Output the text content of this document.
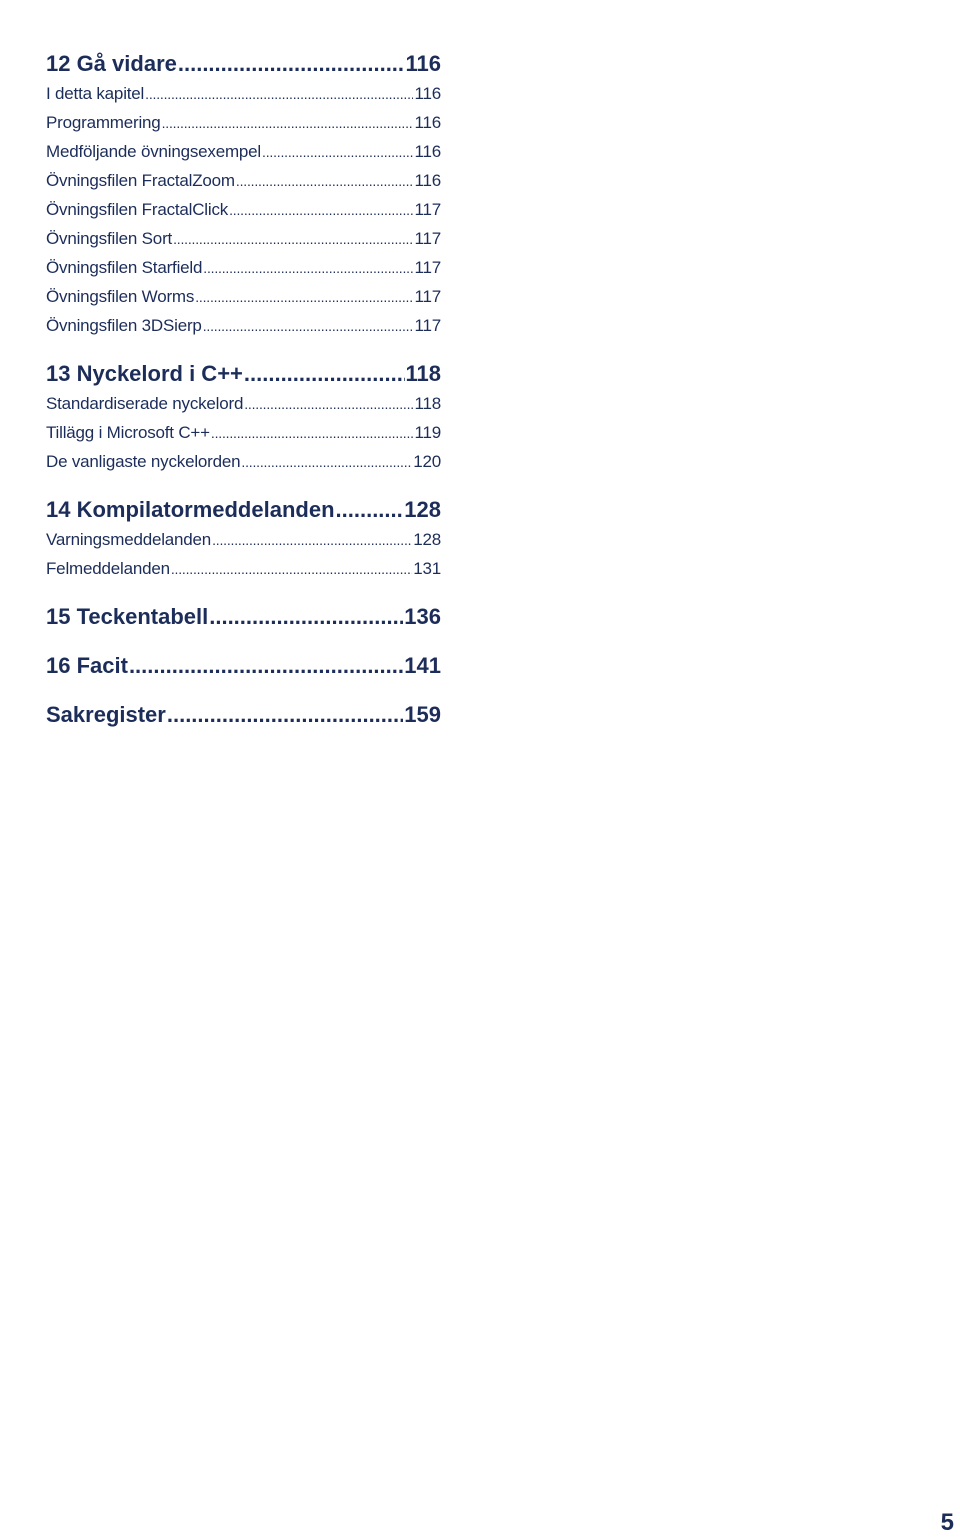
12 Gå vidare .....	116
I detta kapitel .....	116
Programmering .....	116
Medföljande övningsexempel .....	116
Övningsfilen FractalZoom .....	116
Övningsfilen FractalClick .....	117
Övningsfilen Sort .....	117
Övningsfilen Starfield .....	117
Övningsfilen Worms .....	117
Övningsfilen 3DSierp .....	117
13 Nyckelord i C++ .....	118
Standardiserade nyckelord .....	118
Tillägg i Microsoft C++ .....	119
De vanligaste nyckelorden .....	120
14 Kompilatormeddelanden .....	128
Varningsmeddelanden .....	128
Felmeddelanden .....	131
15 Teckentabell .....	136
16 Facit .....	141
Sakregister .....	159
5
